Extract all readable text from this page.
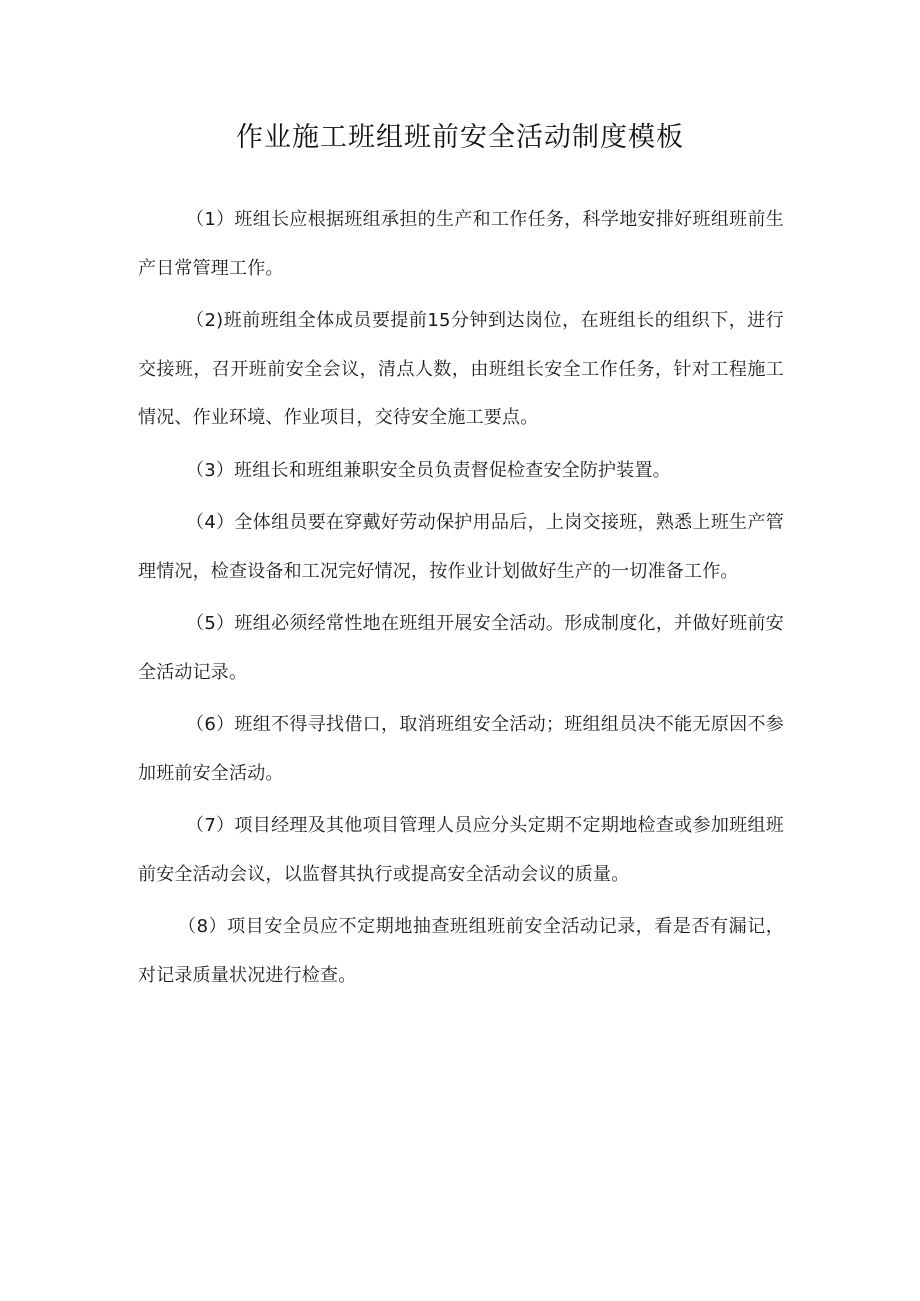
作业施工班组班前安全活动制度模板

（1）班组长应根据班组承担的生产和工作任务，科学地安排好班组班前生产日常管理工作。

（2)班前班组全体成员要提前15分钟到达岗位，在班组长的组织下，进行交接班，召开班前安全会议，清点人数，由班组长安全工作任务，针对工程施工情况、作业环境、作业项目，交待安全施工要点。

（3）班组长和班组兼职安全员负责督促检查安全防护装置。

（4）全体组员要在穿戴好劳动保护用品后，上岗交接班，熟悉上班生产管理情况，检查设备和工况完好情况，按作业计划做好生产的一切准备工作。

（5）班组必须经常性地在班组开展安全活动。形成制度化，并做好班前安全活动记录。

（6）班组不得寻找借口，取消班组安全活动；班组组员决不能无原因不参加班前安全活动。

（7）项目经理及其他项目管理人员应分头定期不定期地检查或参加班组班前安全活动会议，以监督其执行或提高安全活动会议的质量。

（8）项目安全员应不定期地抽查班组班前安全活动记录，看是否有漏记，对记录质量状况进行检查。
